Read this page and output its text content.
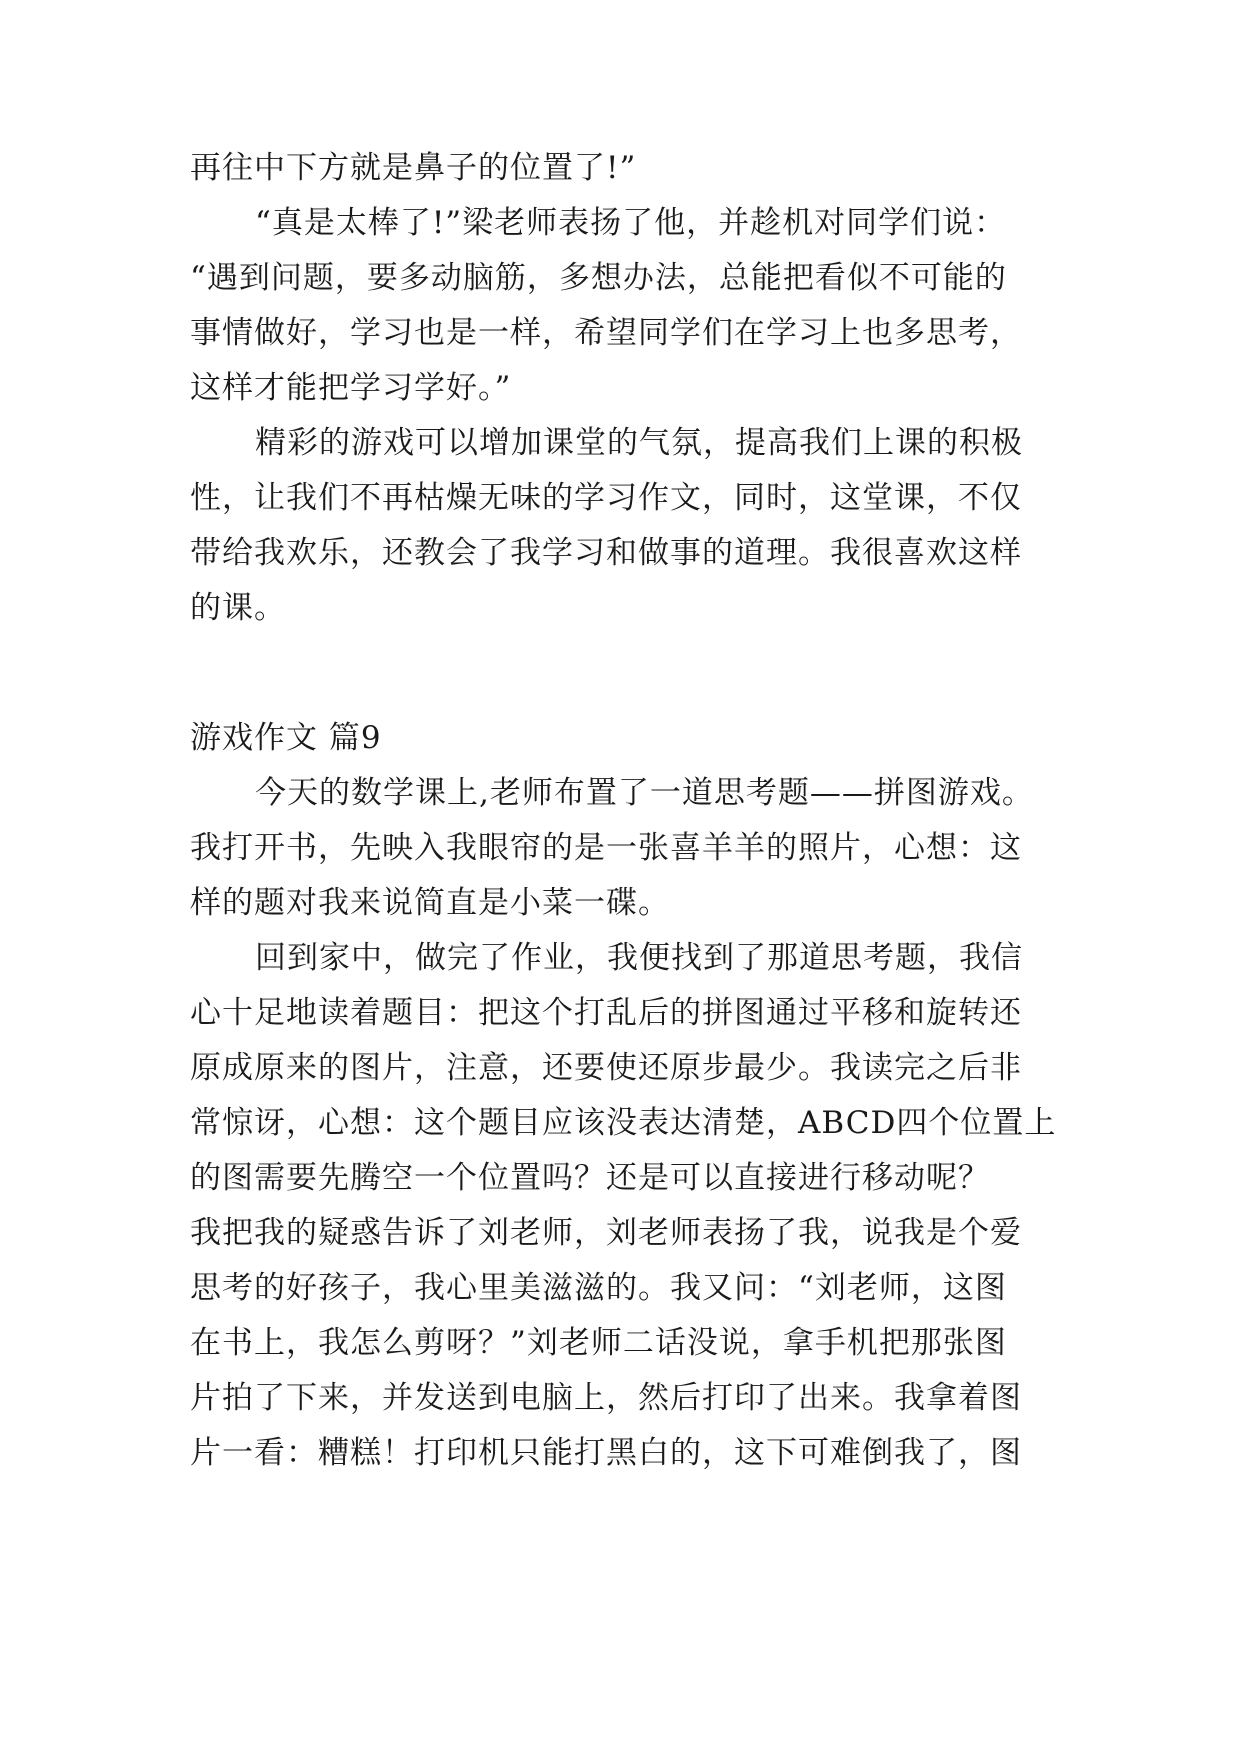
再往中下方就是鼻子的位置了!”
“真是太棒了!”梁老师表扬了他，并趁机对同学们说：
“遇到问题，要多动脑筋，多想办法，总能把看似不可能的
事情做好，学习也是一样，希望同学们在学习上也多思考，
这样才能把学习学好。”
精彩的游戏可以增加课堂的气氛，提高我们上课的积极
性，让我们不再枯燥无味的学习作文，同时，这堂课，不仅
带给我欢乐，还教会了我学习和做事的道理。我很喜欢这样
的课。
游戏作文 篇9
今天的数学课上,老师布置了一道思考题——拼图游戏。
我打开书，先映入我眼帘的是一张喜羊羊的照片，心想：这
样的题对我来说简直是小菜一碟。
回到家中，做完了作业，我便找到了那道思考题，我信
心十足地读着题目：把这个打乱后的拼图通过平移和旋转还
原成原来的图片，注意，还要使还原步最少。我读完之后非
常惊讶，心想：这个题目应该没表达清楚，ABCD四个位置上
的图需要先腾空一个位置吗？还是可以直接进行移动呢？
我把我的疑惑告诉了刘老师，刘老师表扬了我，说我是个爱
思考的好孩子，我心里美滋滋的。我又问：“刘老师，这图
在书上，我怎么剪呀？”刘老师二话没说，拿手机把那张图
片拍了下来，并发送到电脑上，然后打印了出来。我拿着图
片一看：糟糕！打印机只能打黑白的，这下可难倒我了，图
